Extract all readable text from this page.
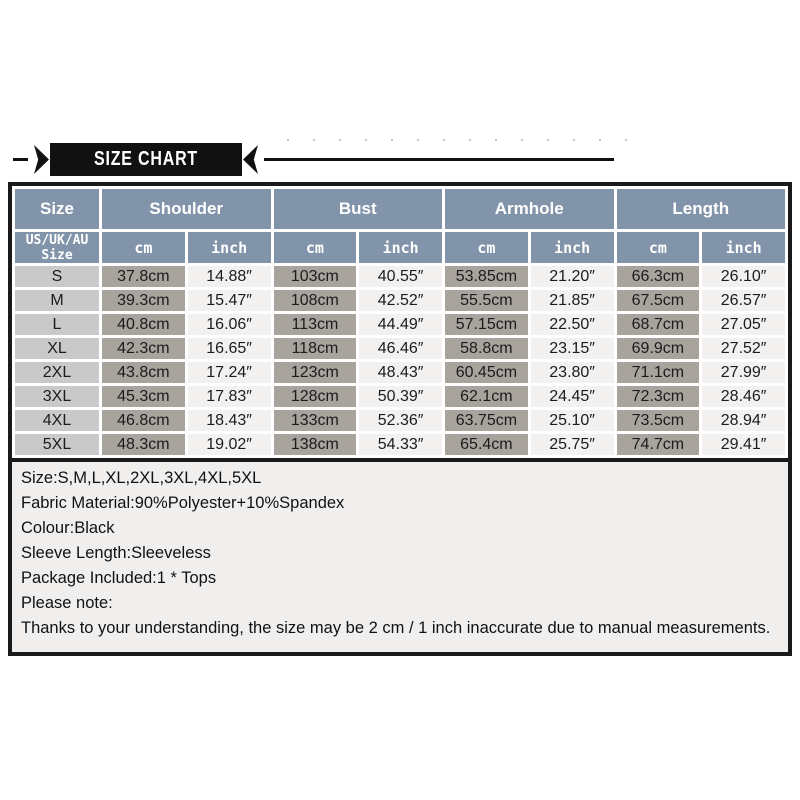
SIZE CHART
Size	Shoulder		Bust		Armhole		Length	

US/UK/AU
Size	cm	inch	cm	inch	cm	inch	cm	inch
S	37.8cm	14.88″	103cm	40.55″	53.85cm	21.20″	66.3cm	26.10″
M	39.3cm	15.47″	108cm	42.52″	55.5cm	21.85″	67.5cm	26.57″
L	40.8cm	16.06″	113cm	44.49″	57.15cm	22.50″	68.7cm	27.05″
XL	42.3cm	16.65″	118cm	46.46″	58.8cm	23.15″	69.9cm	27.52″
2XL	43.8cm	17.24″	123cm	48.43″	60.45cm	23.80″	71.1cm	27.99″
3XL	45.3cm	17.83″	128cm	50.39″	62.1cm	24.45″	72.3cm	28.46″
4XL	46.8cm	18.43″	133cm	52.36″	63.75cm	25.10″	73.5cm	28.94″
5XL	48.3cm	19.02″	138cm	54.33″	65.4cm	25.75″	74.7cm	29.41″
Size:S,M,L,XL,2XL,3XL,4XL,5XL
Fabric Material:90%Polyester+10%Spandex
Colour:Black
Sleeve Length:Sleeveless
Package Included:1 * Tops
Please note:
Thanks to your understanding, the size may be 2 cm / 1 inch inaccurate due to manual measurements.
